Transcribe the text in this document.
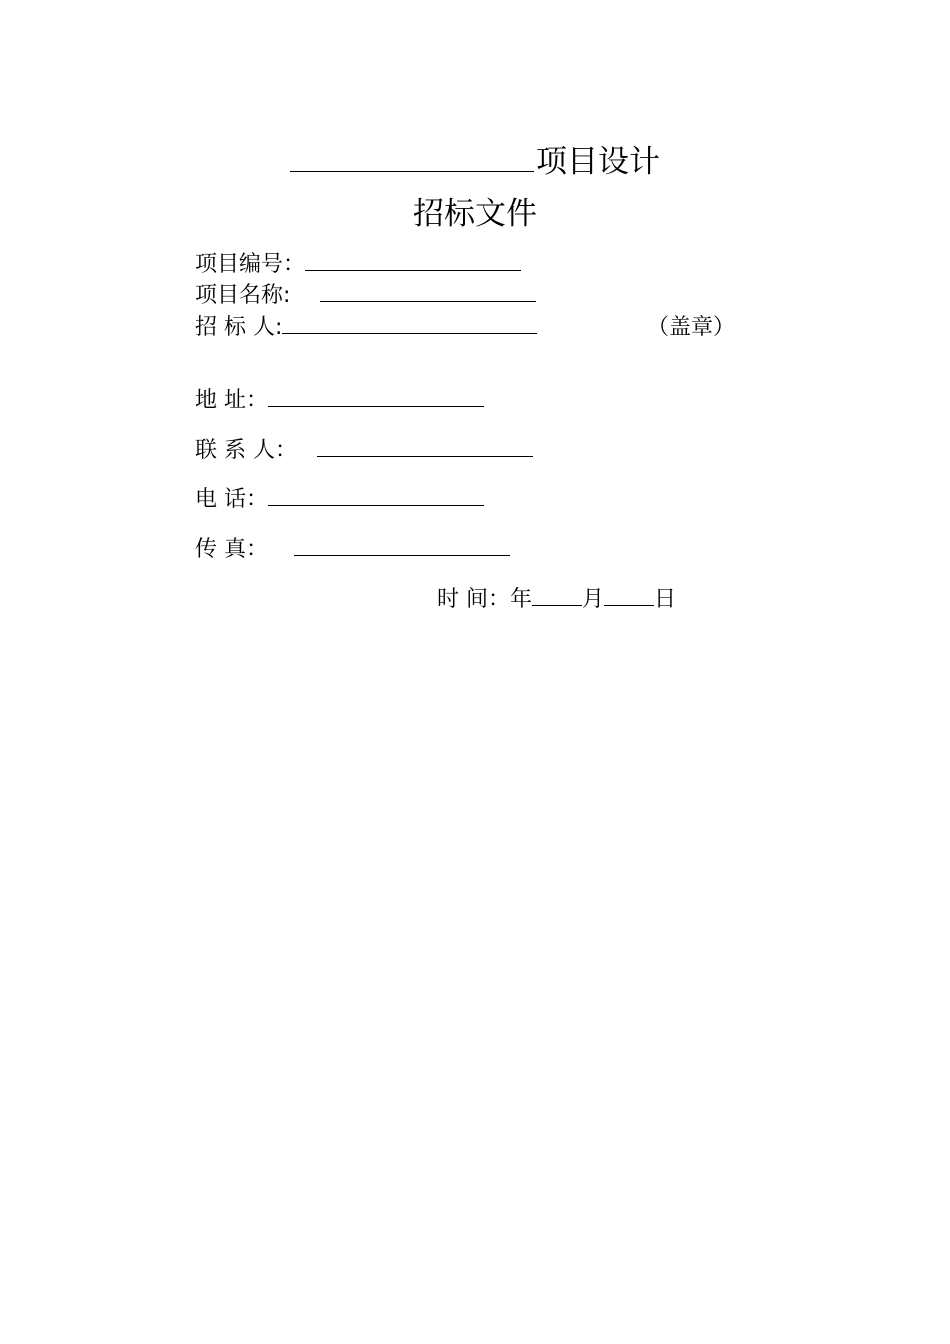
项目设计
招标文件
项目编号：
项目名称:
招 标 人:	（盖章）
地 址：
联 系 人：
电 话：
传 真：
时 间：年 月 日
